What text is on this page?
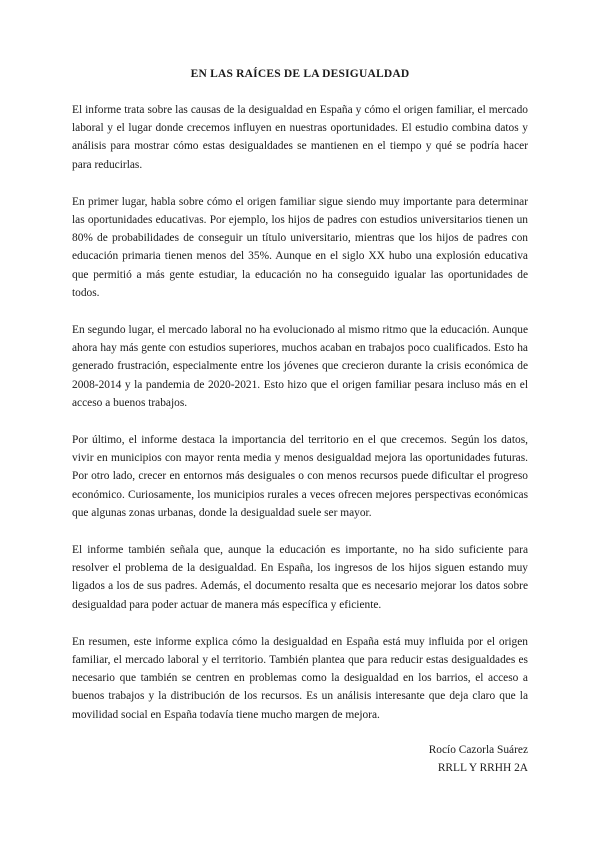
EN LAS RAÍCES DE LA DESIGUALDAD

El informe trata sobre las causas de la desigualdad en España y cómo el origen familiar, el mercado laboral y el lugar donde crecemos influyen en nuestras oportunidades. El estudio combina datos y análisis para mostrar cómo estas desigualdades se mantienen en el tiempo y qué se podría hacer para reducirlas.

En primer lugar, habla sobre cómo el origen familiar sigue siendo muy importante para determinar las oportunidades educativas. Por ejemplo, los hijos de padres con estudios universitarios tienen un 80% de probabilidades de conseguir un título universitario, mientras que los hijos de padres con educación primaria tienen menos del 35%. Aunque en el siglo XX hubo una explosión educativa que permitió a más gente estudiar, la educación no ha conseguido igualar las oportunidades de todos.

En segundo lugar, el mercado laboral no ha evolucionado al mismo ritmo que la educación. Aunque ahora hay más gente con estudios superiores, muchos acaban en trabajos poco cualificados. Esto ha generado frustración, especialmente entre los jóvenes que crecieron durante la crisis económica de 2008-2014 y la pandemia de 2020-2021. Esto hizo que el origen familiar pesara incluso más en el acceso a buenos trabajos.

Por último, el informe destaca la importancia del territorio en el que crecemos. Según los datos, vivir en municipios con mayor renta media y menos desigualdad mejora las oportunidades futuras. Por otro lado, crecer en entornos más desiguales o con menos recursos puede dificultar el progreso económico. Curiosamente, los municipios rurales a veces ofrecen mejores perspectivas económicas que algunas zonas urbanas, donde la desigualdad suele ser mayor.

El informe también señala que, aunque la educación es importante, no ha sido suficiente para resolver el problema de la desigualdad. En España, los ingresos de los hijos siguen estando muy ligados a los de sus padres. Además, el documento resalta que es necesario mejorar los datos sobre desigualdad para poder actuar de manera más específica y eficiente.

En resumen, este informe explica cómo la desigualdad en España está muy influida por el origen familiar, el mercado laboral y el territorio. También plantea que para reducir estas desigualdades es necesario que también se centren en problemas como la desigualdad en los barrios, el acceso a buenos trabajos y la distribución de los recursos. Es un análisis interesante que deja claro que la movilidad social en España todavía tiene mucho margen de mejora.

Rocío Cazorla Suárez
RRLL Y RRHH 2A
